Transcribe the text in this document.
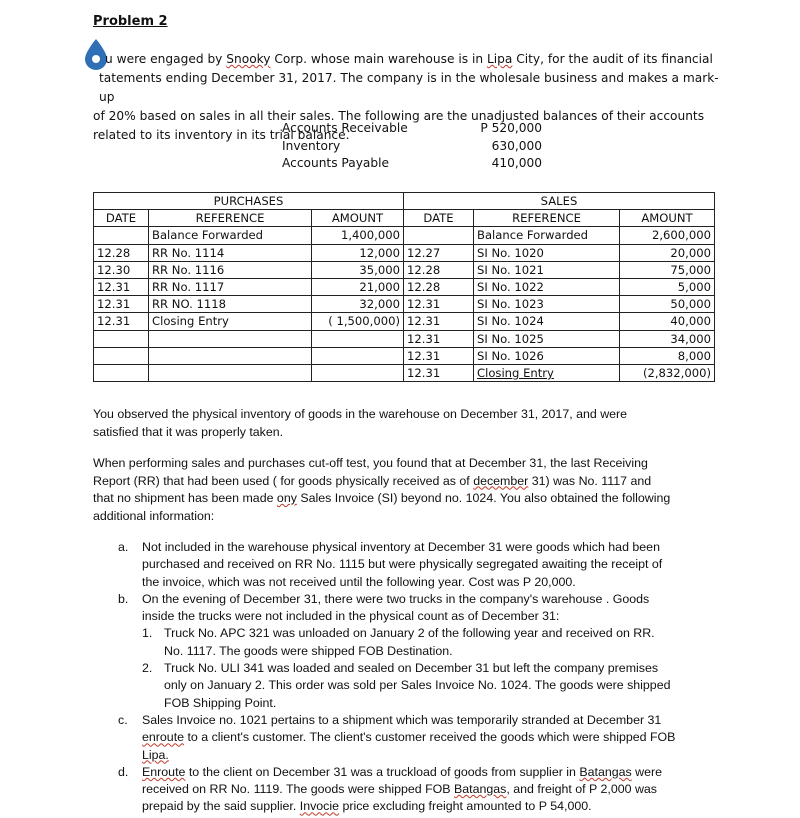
Problem 2
u were engaged by Snooky Corp. whose main warehouse is in Lipa City, for the audit of its financial
tatements ending December 31, 2017. The company is in the wholesale business and makes a mark-up
of 20% based on sales in all their sales. The following are the unadjusted balances of their accounts
related to its inventory in its trial balance.
Accounts Receivable	P 520,000
Inventory	630,000
Accounts Payable	410,000
PURCHASES			SALES		
DATE	REFERENCE	AMOUNT	DATE	REFERENCE	AMOUNT
	Balance Forwarded	1,400,000		Balance Forwarded	2,600,000
12.28	RR No. 1114	12,000	12.27	SI No. 1020	20,000
12.30	RR No. 1116	35,000	12.28	SI No. 1021	75,000
12.31	RR No. 1117	21,000	12.28	SI No. 1022	5,000
12.31	RR NO. 1118	32,000	12.31	SI No. 1023	50,000
12.31	Closing Entry	( 1,500,000)	12.31	SI No. 1024	40,000
			12.31	SI No. 1025	34,000
			12.31	SI No. 1026	8,000
			12.31	Closing Entry	(2,832,000)
You observed the physical inventory of goods in the warehouse on December 31, 2017, and were
satisfied that it was properly taken.
When performing sales and purchases cut-off test, you found that at December 31, the last Receiving
Report (RR) that had been used ( for goods physically received as of december 31) was No. 1117 and
that no shipment has been made ony Sales Invoice (SI) beyond no. 1024. You also obtained the following
additional information:
a. Not included in the warehouse physical inventory at December 31 were goods which had been
purchased and received on RR No. 1115 but were physically segregated awaiting the receipt of
the invoice, which was not received until the following year. Cost was P 20,000.
b. On the evening of December 31, there were two trucks in the company's warehouse . Goods
inside the trucks were not included in the physical count as of December 31:
1. Truck No. APC 321 was unloaded on January 2 of the following year and received on RR.
No. 1117. The goods were shipped FOB Destination.
2. Truck No. ULI 341 was loaded and sealed on December 31 but left the company premises
only on January 2. This order was sold per Sales Invoice No. 1024. The goods were shipped
FOB Shipping Point.
c. Sales Invoice no. 1021 pertains to a shipment which was temporarily stranded at December 31
enroute to a client's customer. The client's customer received the goods which were shipped FOB
Lipa.
d. Enroute to the client on December 31 was a truckload of goods from supplier in Batangas were
received on RR No. 1119. The goods were shipped FOB Batangas, and freight of P 2,000 was
prepaid by the said supplier. Invocie price excluding freight amounted to P 54,000.
